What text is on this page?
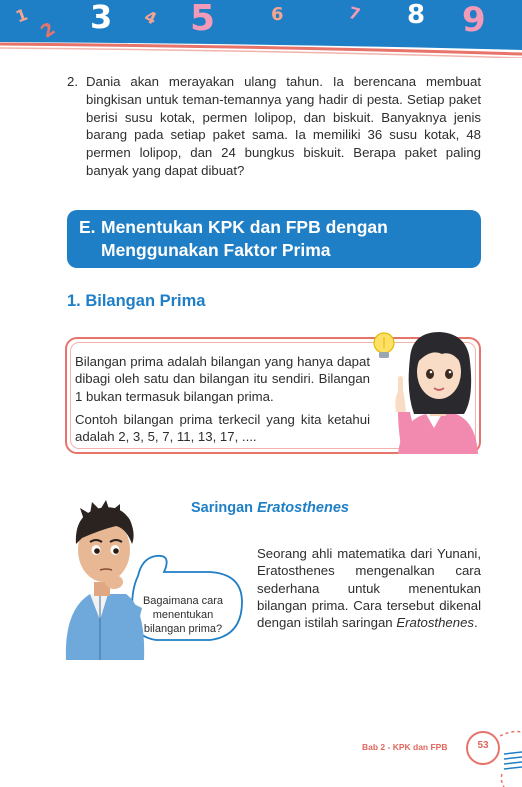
1
2 3 4 5	6	7 8 9
2. Dania akan merayakan ulang tahun. Ia berencana membuat bingkisan untuk teman-temannya yang hadir di pesta. Setiap paket berisi susu kotak, permen lolipop, dan biskuit. Banyaknya jenis barang pada setiap paket sama. Ia memiliki 36 susu kotak, 48 permen lolipop, dan 24 bungkus biskuit. Berapa paket paling banyak yang dapat dibuat?
E. Menentukan KPK dan FPB dengan
Menggunakan Faktor Prima
1. Bilangan Prima
Bilangan prima adalah bilangan yang hanya dapat dibagi oleh satu dan bilangan itu sendiri. Bilangan 1 bukan termasuk bilangan prima.
Contoh bilangan prima terkecil yang kita ketahui adalah 2, 3, 5, 7, 11, 13, 17, ....
Saringan Eratosthenes
Bagaimana cara menentukan bilangan prima?
Seorang ahli matematika dari Yunani, Eratosthenes mengenalkan cara sederhana untuk menentukan bilangan prima. Cara tersebut dikenal dengan istilah saringan Eratosthenes.
Bab 2 - KPK dan FPB	53
